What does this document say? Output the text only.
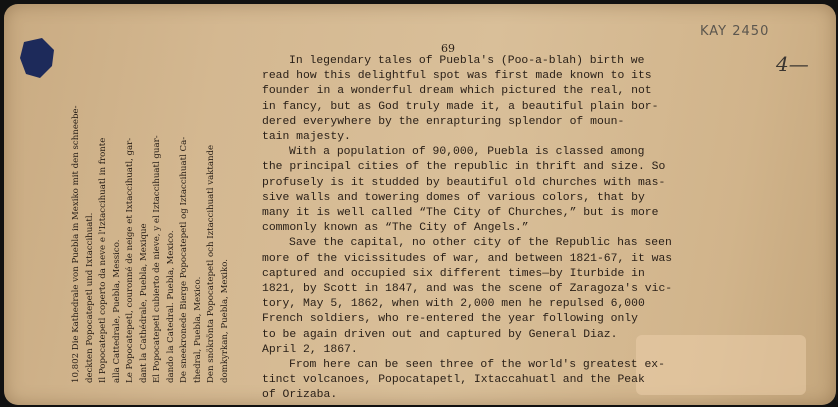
10,802 Die Kathedrale von Puebla in Mexiko mit den schneebe- deckten Popocatepetl und Ixtaccihuatl. Il Popocatepetl coperto da neve e l'Iztaccihuatl in fronte alla Cattedrale, Puebla, Messico. Le Popocatepetl, couronné de neige et Ixtaccihuatl, gar- dant la Cathédrale, Puebla, Mexique El Popocatepetl cubierto de nieve, y el Iztaccihuatl guar- dando la Catedral. Puebla, Mexico. De sneekronede Bierge Popocatepetl og Iztaccihuatl Ca- thedral, Puebla, Mexico. Den snökrönta Popocatepetl och Iztaccihuatl vaktande domkyrkan, Puebla, Mexiko.
69
In legendary tales of Puebla's (Poo-a-blah) birth we
read how this delightful spot was first made known to its
founder in a wonderful dream which pictured the real, not
in fancy, but as God truly made it, a beautiful plain bor-
dered everywhere by the enrapturing splendor of moun-
tain majesty.
With a population of 90,000, Puebla is classed among
the principal cities of the republic in thrift and size. So
profusely is it studded by beautiful old churches with mas-
sive walls and towering domes of various colors, that by
many it is well called “The City of Churches,” but is more
commonly known as “The City of Angels.”
Save the capital, no other city of the Republic has seen
more of the vicissitudes of war, and between 1821-67, it was
captured and occupied six different times—by Iturbide in
1821, by Scott in 1847, and was the scene of Zaragoza's vic-
tory, May 5, 1862, when with 2,000 men he repulsed 6,000
French soldiers, who re-entered the year following only
to be again driven out and captured by General Diaz.
April 2, 1867.
From here can be seen three of the world's greatest ex-
tinct volcanoes, Popocatapetl, Ixtaccahuatl and the Peak
of Orizaba.
KAY 2450
4—
